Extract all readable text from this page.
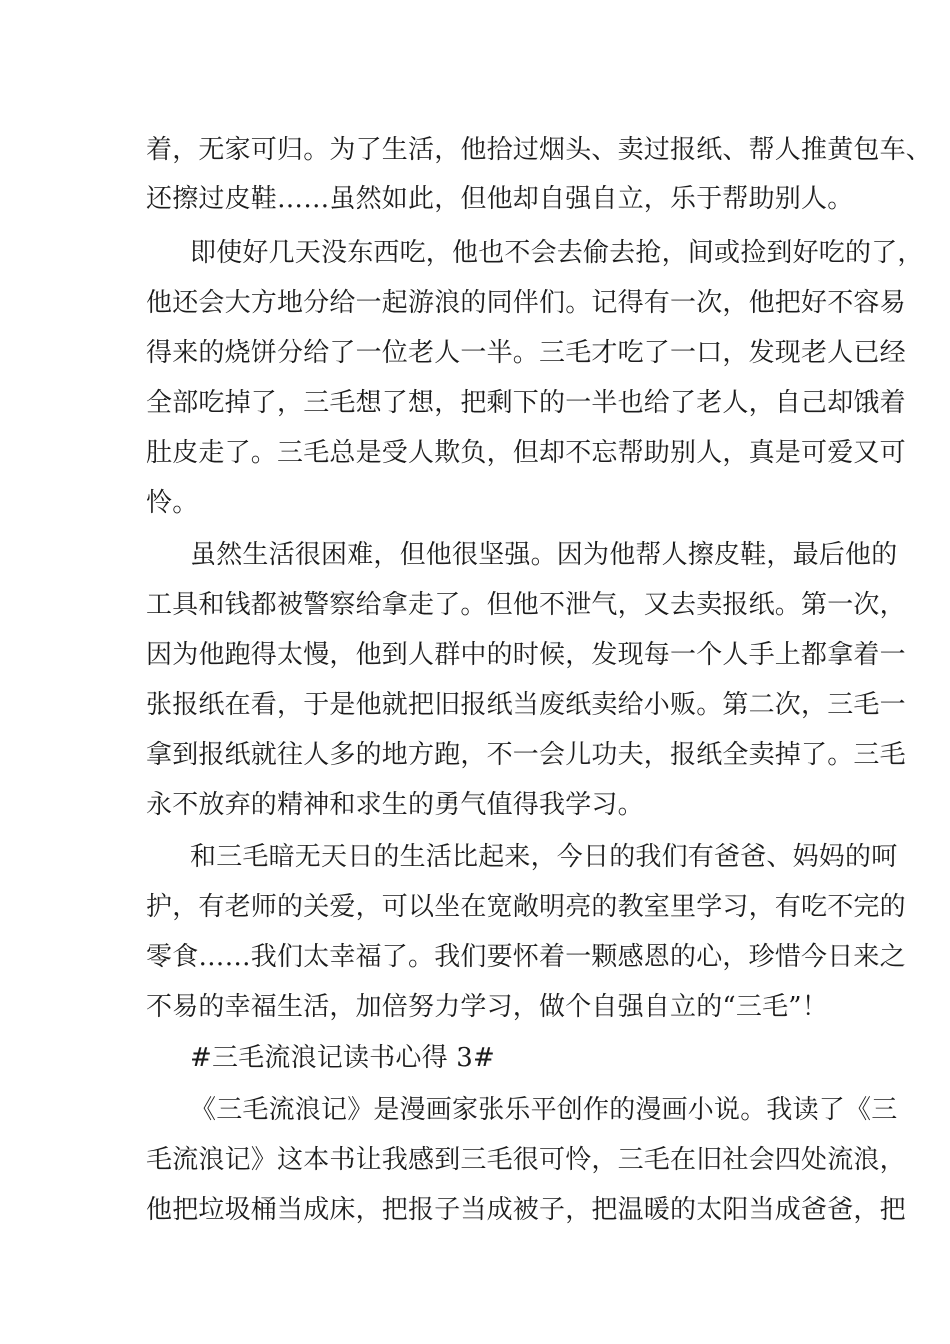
着，无家可归。为了生活，他拾过烟头、卖过报纸、帮人推黄包车、
还擦过皮鞋……虽然如此，但他却自强自立，乐于帮助别人。
即使好几天没东西吃，他也不会去偷去抢，间或捡到好吃的了，
他还会大方地分给一起游浪的同伴们。记得有一次，他把好不容易
得来的烧饼分给了一位老人一半。三毛才吃了一口，发现老人已经
全部吃掉了，三毛想了想，把剩下的一半也给了老人，自己却饿着
肚皮走了。三毛总是受人欺负，但却不忘帮助别人，真是可爱又可
怜。
虽然生活很困难，但他很坚强。因为他帮人擦皮鞋，最后他的
工具和钱都被警察给拿走了。但他不泄气，又去卖报纸。第一次，
因为他跑得太慢，他到人群中的时候，发现每一个人手上都拿着一
张报纸在看，于是他就把旧报纸当废纸卖给小贩。第二次，三毛一
拿到报纸就往人多的地方跑，不一会儿功夫，报纸全卖掉了。三毛
永不放弃的精神和求生的勇气值得我学习。
和三毛暗无天日的生活比起来，今日的我们有爸爸、妈妈的呵
护，有老师的关爱，可以坐在宽敞明亮的教室里学习，有吃不完的
零食……我们太幸福了。我们要怀着一颗感恩的心，珍惜今日来之
不易的幸福生活，加倍努力学习，做个自强自立的“三毛”！
#三毛流浪记读书心得 3#
《三毛流浪记》是漫画家张乐平创作的漫画小说。我读了《三
毛流浪记》这本书让我感到三毛很可怜，三毛在旧社会四处流浪，
他把垃圾桶当成床，把报子当成被子，把温暖的太阳当成爸爸，把
